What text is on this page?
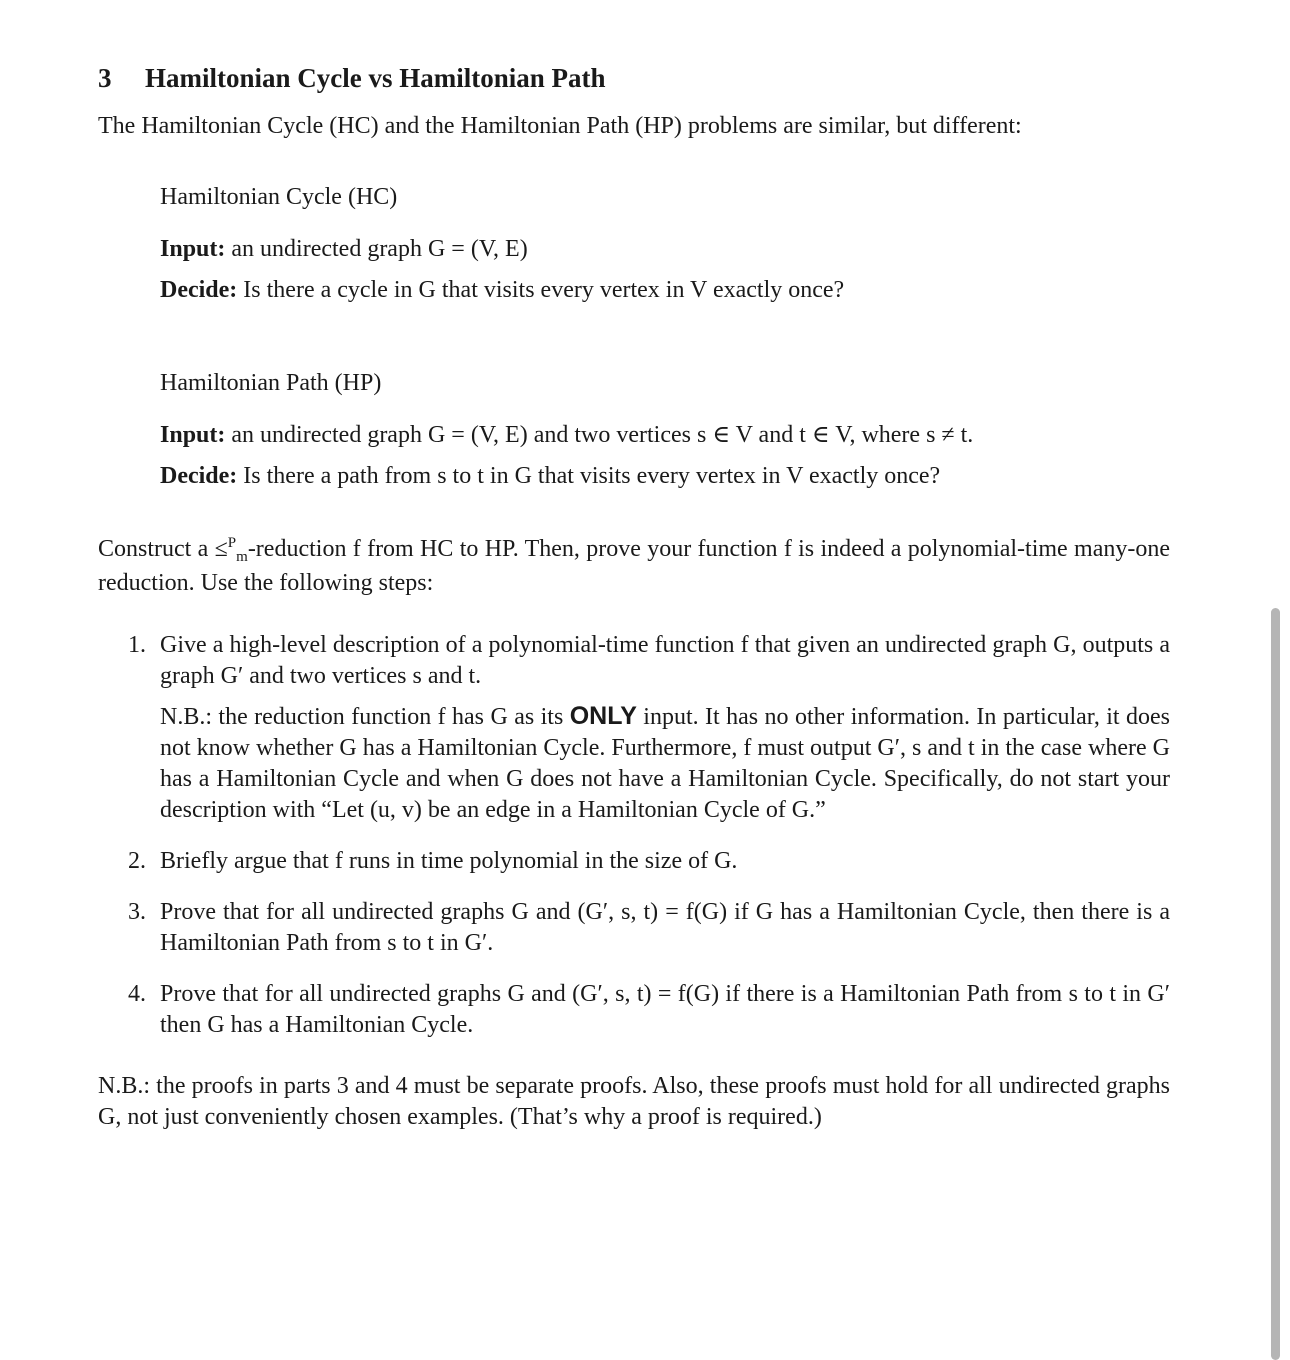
3 Hamiltonian Cycle vs Hamiltonian Path

The Hamiltonian Cycle (HC) and the Hamiltonian Path (HP) problems are similar, but different:

Hamiltonian Cycle (HC)

Input: an undirected graph G = (V, E)

Decide: Is there a cycle in G that visits every vertex in V exactly once?

Hamiltonian Path (HP)

Input: an undirected graph G = (V, E) and two vertices s ∈ V and t ∈ V, where s ≠ t.

Decide: Is there a path from s to t in G that visits every vertex in V exactly once?

Construct a ≤$^P_m$-reduction f from HC to HP. Then, prove your function f is indeed a polynomial-time many-one reduction. Use the following steps:

1. Give a high-level description of a polynomial-time function f that given an undirected graph G, outputs a graph G′ and two vertices s and t.
N.B.: the reduction function f has G as its ONLY input. It has no other information. In particular, it does not know whether G has a Hamiltonian Cycle. Furthermore, f must output G′, s and t in the case where G has a Hamiltonian Cycle and when G does not have a Hamiltonian Cycle. Specifically, do not start your description with “Let (u, v) be an edge in a Hamiltonian Cycle of G.”
2. Briefly argue that f runs in time polynomial in the size of G.
3. Prove that for all undirected graphs G and (G′, s, t) = f(G) if G has a Hamiltonian Cycle, then there is a Hamiltonian Path from s to t in G′.
4. Prove that for all undirected graphs G and (G′, s, t) = f(G) if there is a Hamiltonian Path from s to t in G′ then G has a Hamiltonian Cycle.

N.B.: the proofs in parts 3 and 4 must be separate proofs. Also, these proofs must hold for all undirected graphs G, not just conveniently chosen examples. (That’s why a proof is required.)
